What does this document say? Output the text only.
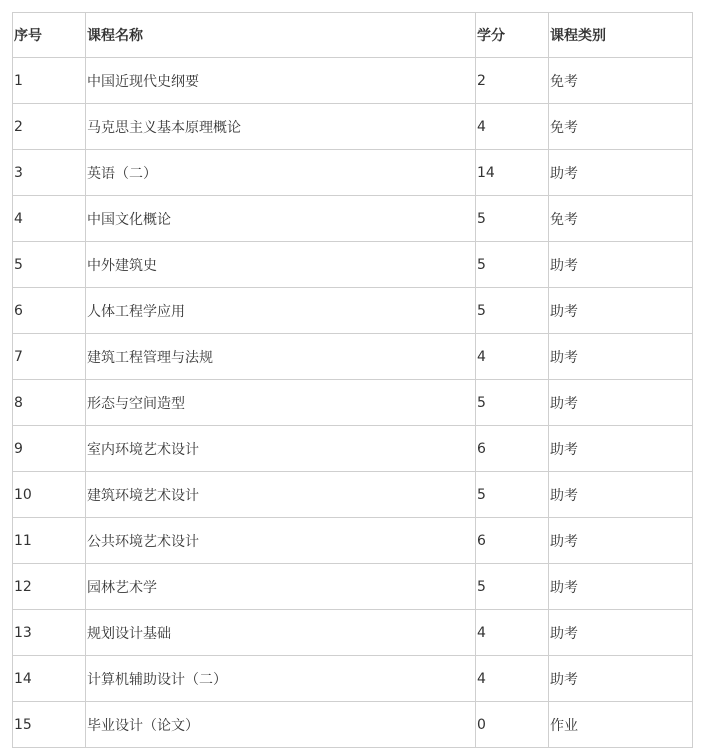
序号	课程名称	学分	课程类别
1	中国近现代史纲要	2	免考
2	马克思主义基本原理概论	4	免考
3	英语（二）	14	助考
4	中国文化概论	5	免考
5	中外建筑史	5	助考
6	人体工程学应用	5	助考
7	建筑工程管理与法规	4	助考
8	形态与空间造型	5	助考
9	室内环境艺术设计	6	助考
10	建筑环境艺术设计	5	助考
11	公共环境艺术设计	6	助考
12	园林艺术学	5	助考
13	规划设计基础	4	助考
14	计算机辅助设计（二）	4	助考
15	毕业设计（论文）	0	作业
